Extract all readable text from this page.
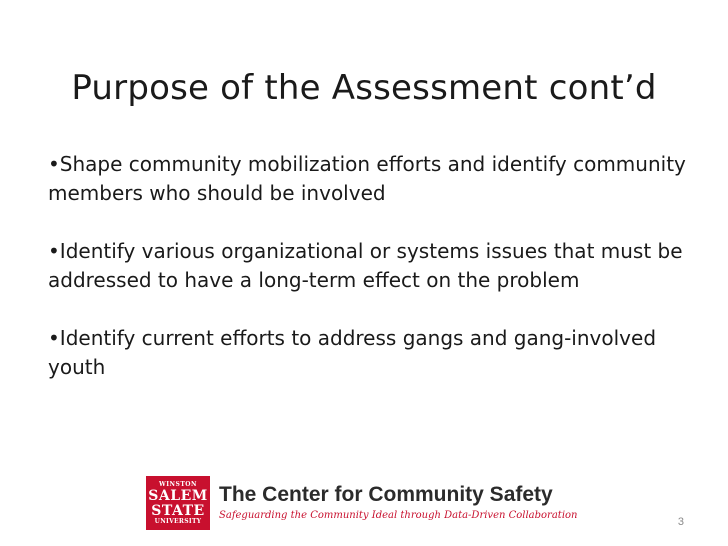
Purpose of the Assessment cont’d

•Shape community mobilization efforts and identify community members who should be involved

•Identify various organizational or systems issues that must be addressed to have a long-term effect on the problem

•Identify current efforts to address gangs and gang-involved youth

WINSTON
SALEM
STATE
UNIVERSITY
The Center for Community Safety
Safeguarding the Community Ideal through Data-Driven Collaboration
3
